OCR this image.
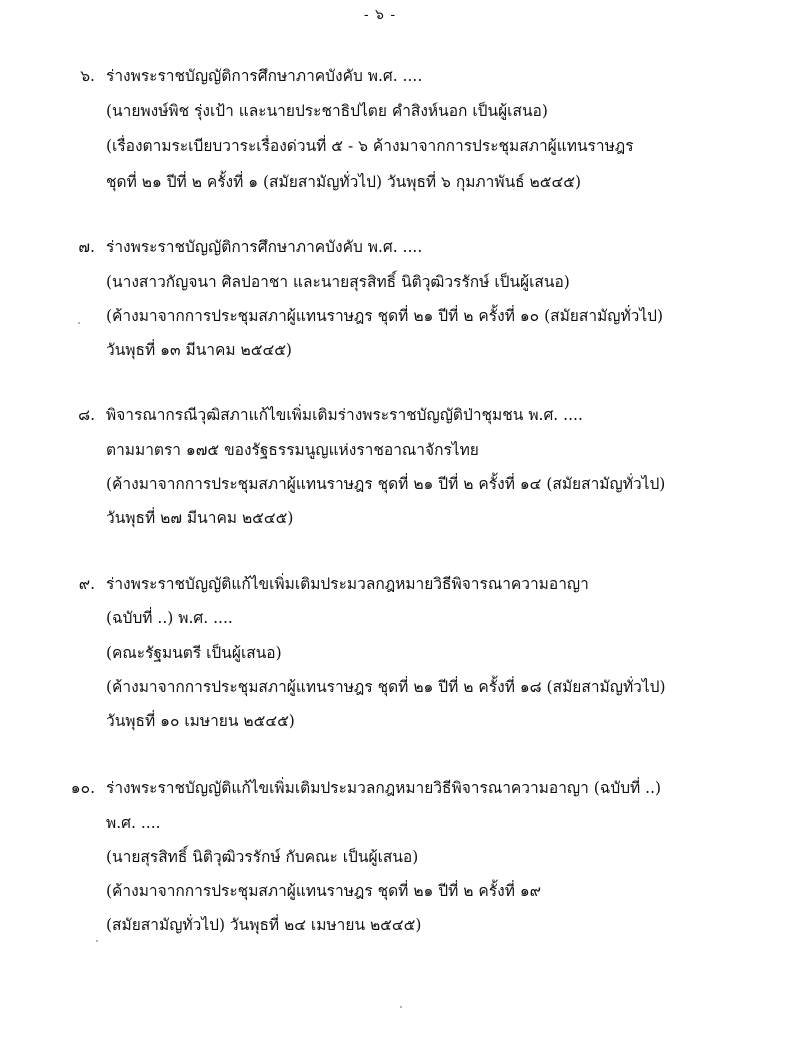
- ๖ -
๖. ร่างพระราชบัญญัติการศึกษาภาคบังคับ พ.ศ. ....
(นายพงษ์พิช รุ่งเป้า และนายประชาธิปไตย คำสิงห์นอก เป็นผู้เสนอ)
(เรื่องตามระเบียบวาระเรื่องด่วนที่ ๕ - ๖ ค้างมาจากการประชุมสภาผู้แทนราษฎร
ชุดที่ ๒๑ ปีที่ ๒ ครั้งที่ ๑ (สมัยสามัญทั่วไป) วันพุธที่ ๖ กุมภาพันธ์ ๒๕๔๕)
๗. ร่างพระราชบัญญัติการศึกษาภาคบังคับ พ.ศ. ....
(นางสาวกัญจนา ศิลปอาชา และนายสุรสิทธิ์ นิติวุฒิวรรักษ์ เป็นผู้เสนอ)
(ค้างมาจากการประชุมสภาผู้แทนราษฎร ชุดที่ ๒๑ ปีที่ ๒ ครั้งที่ ๑๐ (สมัยสามัญทั่วไป)
วันพุธที่ ๑๓ มีนาคม ๒๕๔๕)
๘. พิจารณากรณีวุฒิสภาแก้ไขเพิ่มเติมร่างพระราชบัญญัติป่าชุมชน พ.ศ. ....
ตามมาตรา ๑๗๕ ของรัฐธรรมนูญแห่งราชอาณาจักรไทย
(ค้างมาจากการประชุมสภาผู้แทนราษฎร ชุดที่ ๒๑ ปีที่ ๒ ครั้งที่ ๑๔ (สมัยสามัญทั่วไป)
วันพุธที่ ๒๗ มีนาคม ๒๕๔๕)
๙. ร่างพระราชบัญญัติแก้ไขเพิ่มเติมประมวลกฎหมายวิธีพิจารณาความอาญา
(ฉบับที่ ..) พ.ศ. ....
(คณะรัฐมนตรี เป็นผู้เสนอ)
(ค้างมาจากการประชุมสภาผู้แทนราษฎร ชุดที่ ๒๑ ปีที่ ๒ ครั้งที่ ๑๘ (สมัยสามัญทั่วไป)
วันพุธที่ ๑๐ เมษายน ๒๕๔๕)
๑๐. ร่างพระราชบัญญัติแก้ไขเพิ่มเติมประมวลกฎหมายวิธีพิจารณาความอาญา (ฉบับที่ ..)
พ.ศ. ....
(นายสุรสิทธิ์ นิติวุฒิวรรักษ์ กับคณะ เป็นผู้เสนอ)
(ค้างมาจากการประชุมสภาผู้แทนราษฎร ชุดที่ ๒๑ ปีที่ ๒ ครั้งที่ ๑๙
(สมัยสามัญทั่วไป) วันพุธที่ ๒๔ เมษายน ๒๕๔๕)
